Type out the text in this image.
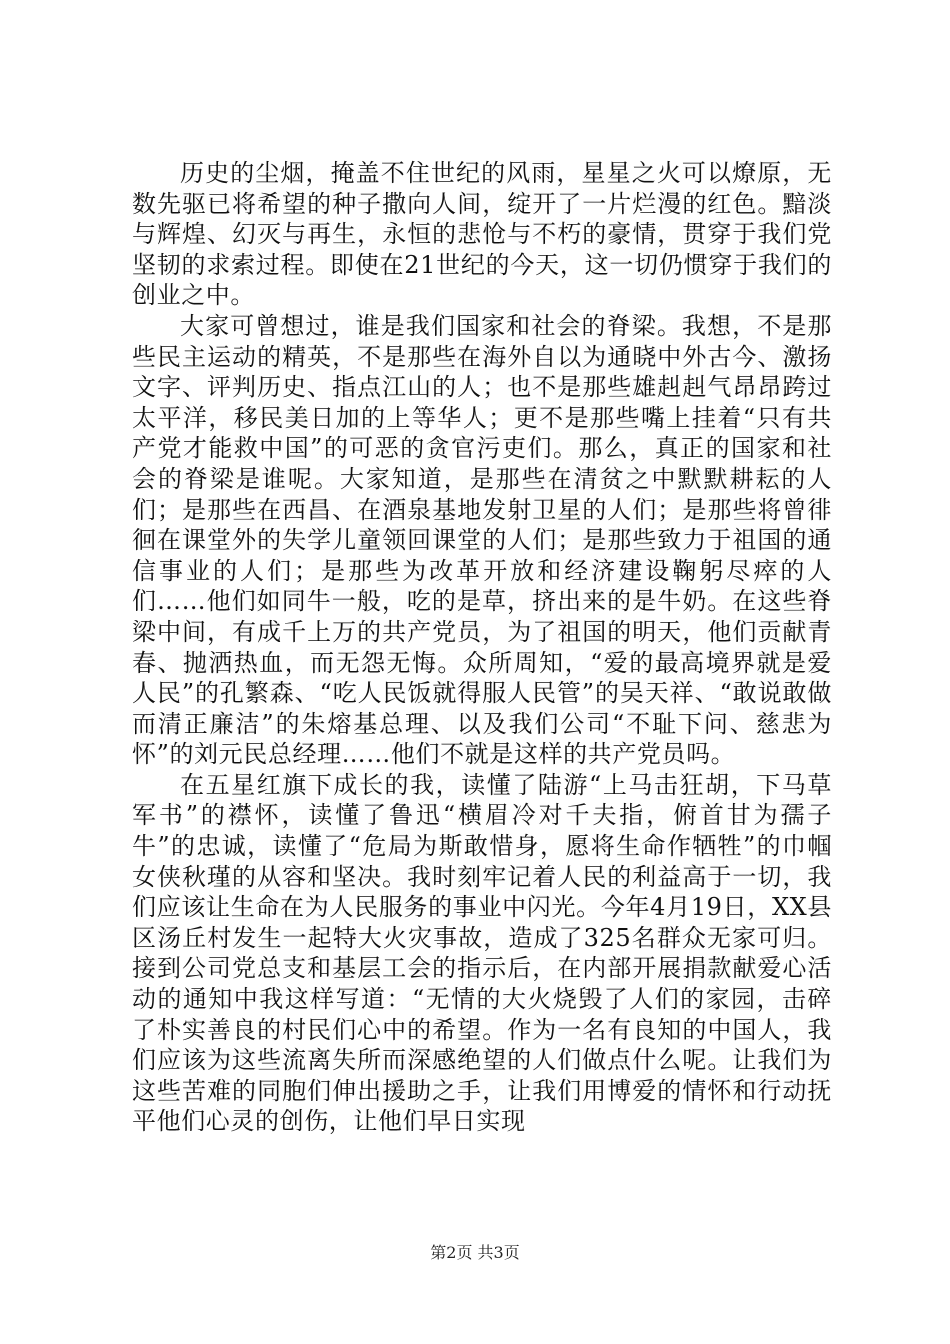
历史的尘烟，掩盖不住世纪的风雨，星星之火可以燎原，无数先驱已将希望的种子撒向人间，绽开了一片烂漫的红色。黯淡与辉煌、幻灭与再生，永恒的悲怆与不朽的豪情，贯穿于我们党坚韧的求索过程。即使在21世纪的今天，这一切仍惯穿于我们的创业之中。

大家可曾想过，谁是我们国家和社会的脊梁。我想，不是那些民主运动的精英，不是那些在海外自以为通晓中外古今、激扬文字、评判历史、指点江山的人；也不是那些雄赳赳气昂昂跨过太平洋，移民美日加的上等华人；更不是那些嘴上挂着“只有共产党才能救中国”的可恶的贪官污吏们。那么，真正的国家和社会的脊梁是谁呢。大家知道，是那些在清贫之中默默耕耘的人们；是那些在西昌、在酒泉基地发射卫星的人们；是那些将曾徘徊在课堂外的失学儿童领回课堂的人们；是那些致力于祖国的通信事业的人们；是那些为改革开放和经济建设鞠躬尽瘁的人们……他们如同牛一般，吃的是草，挤出来的是牛奶。在这些脊梁中间，有成千上万的共产党员，为了祖国的明天，他们贡献青春、抛洒热血，而无怨无悔。众所周知，“爱的最高境界就是爱人民”的孔繁森、“吃人民饭就得服人民管”的吴天祥、“敢说敢做而清正廉洁”的朱熔基总理、以及我们公司“不耻下问、慈悲为怀”的刘元民总经理……他们不就是这样的共产党员吗。

在五星红旗下成长的我，读懂了陆游“上马击狂胡，下马草军书”的襟怀，读懂了鲁迅“横眉冷对千夫指，俯首甘为孺子牛”的忠诚，读懂了“危局为斯敢惜身，愿将生命作牺牲”的巾帼女侠秋瑾的从容和坚决。我时刻牢记着人民的利益高于一切，我们应该让生命在为人民服务的事业中闪光。今年4月19日，XX县区汤丘村发生一起特大火灾事故，造成了325名群众无家可归。接到公司党总支和基层工会的指示后，在内部开展捐款献爱心活动的通知中我这样写道：“无情的大火烧毁了人们的家园，击碎了朴实善良的村民们心中的希望。作为一名有良知的中国人，我们应该为这些流离失所而深感绝望的人们做点什么呢。让我们为这些苦难的同胞们伸出援助之手，让我们用博爱的情怀和行动抚平他们心灵的创伤，让他们早日实现

第2页 共3页
